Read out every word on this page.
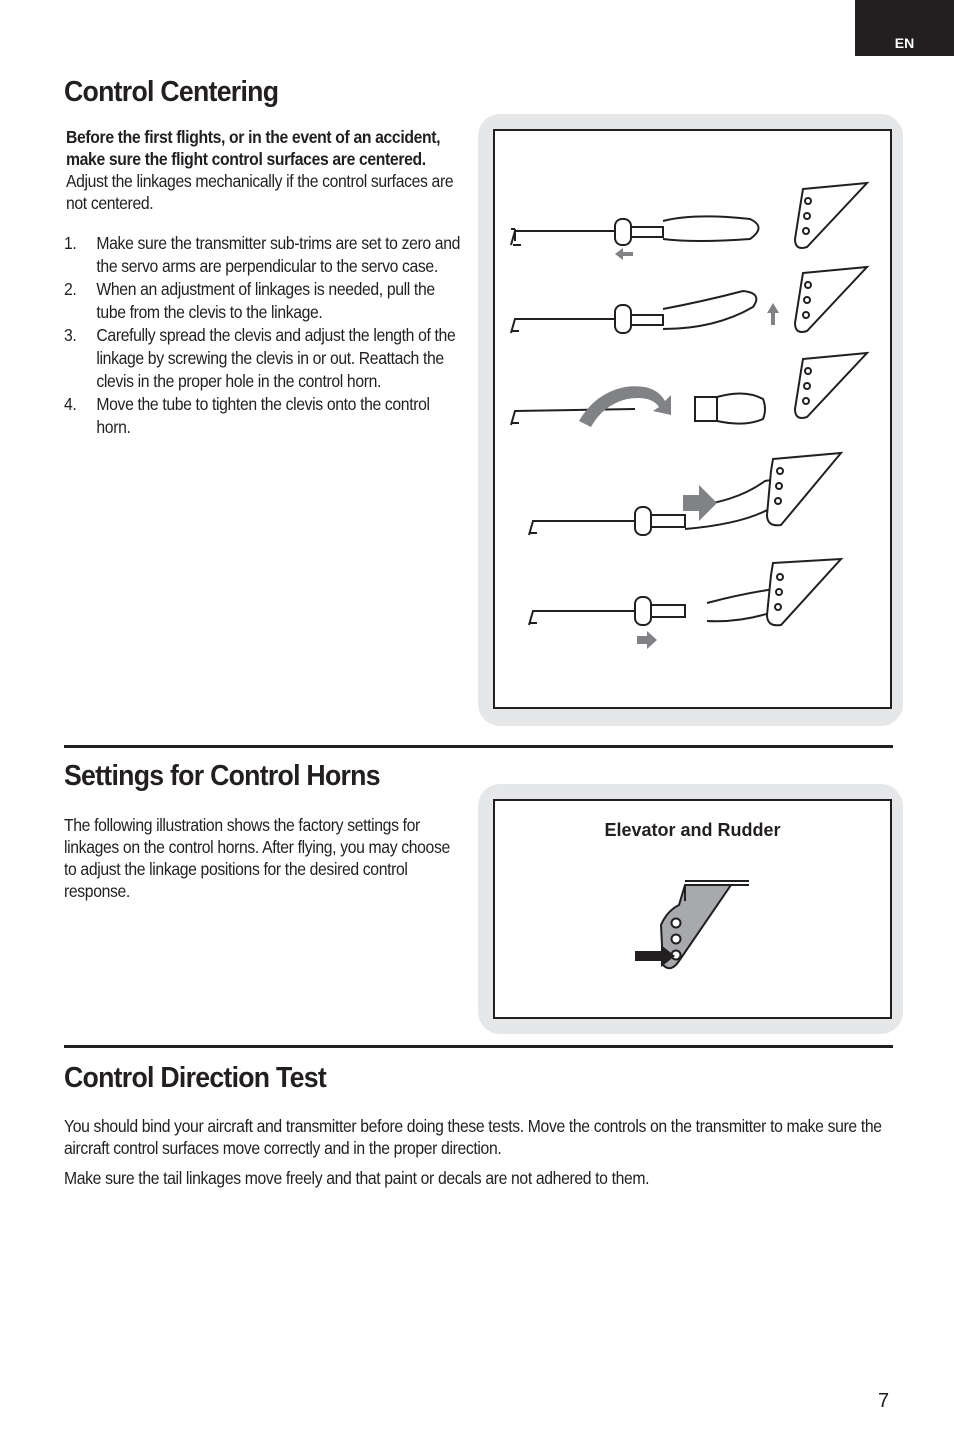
EN
Control Centering
Before the first flights, or in the event of an accident, make sure the flight control surfaces are centered. Adjust the linkages mechanically if the control surfaces are not centered.
1. Make sure the transmitter sub-trims are set to zero and the servo arms are perpendicular to the servo case.
2. When an adjustment of linkages is needed, pull the tube from the clevis to the linkage.
3. Carefully spread the clevis and adjust the length of the linkage by screwing the clevis in or out. Reattach the clevis in the proper hole in the control horn.
4. Move the tube to tighten the clevis onto the control horn.
Settings for Control Horns
The following illustration shows the factory settings for linkages on the control horns. After flying, you may choose to adjust the linkage positions for the desired control response.
Elevator and Rudder
Control Direction Test
You should bind your aircraft and transmitter before doing these tests. Move the controls on the transmitter to make sure the aircraft control surfaces move correctly and in the proper direction.
Make sure the tail linkages move freely and that paint or decals are not adhered to them.
7
